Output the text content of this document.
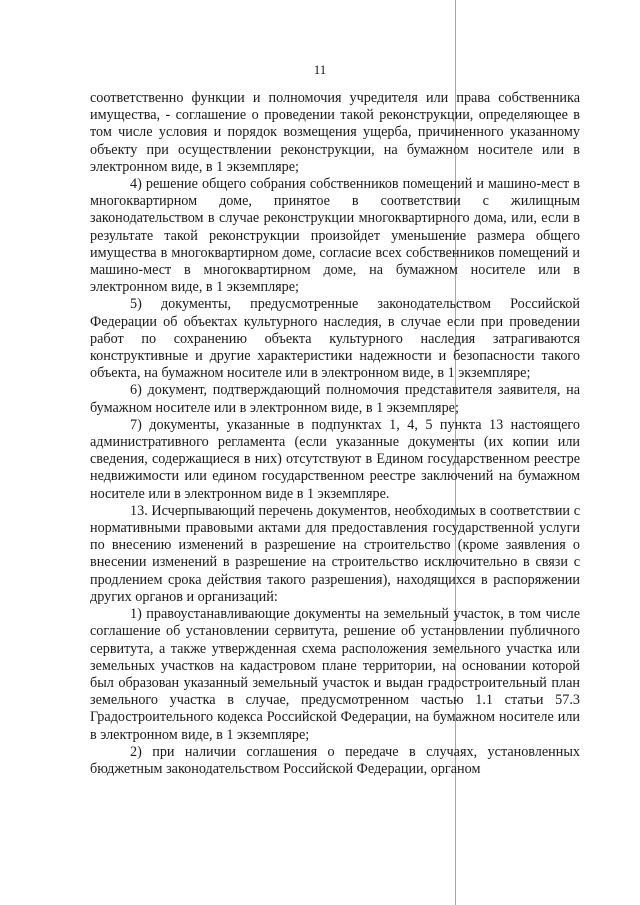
11

соответственно функции и полномочия учредителя или права собственника имущества, - соглашение о проведении такой реконструкции, определяющее в том числе условия и порядок возмещения ущерба, причиненного указанному объекту при осуществлении реконструкции, на бумажном носителе или в электронном виде, в 1 экземпляре;

4) решение общего собрания собственников помещений и машино-мест в многоквартирном доме, принятое в соответствии с жилищным законодательством в случае реконструкции многоквартирного дома, или, если в результате такой реконструкции произойдет уменьшение размера общего имущества в многоквартирном доме, согласие всех собственников помещений и машино-мест в многоквартирном доме, на бумажном носителе или в электронном виде, в 1 экземпляре;

5) документы, предусмотренные законодательством Российской Федерации об объектах культурного наследия, в случае если при проведении работ по сохранению объекта культурного наследия затрагиваются конструктивные и другие характеристики надежности и безопасности такого объекта, на бумажном носителе или в электронном виде, в 1 экземпляре;

6) документ, подтверждающий полномочия представителя заявителя, на бумажном носителе или в электронном виде, в 1 экземпляре;

7) документы, указанные в подпунктах 1, 4, 5 пункта 13 настоящего административного регламента (если указанные документы (их копии или сведения, содержащиеся в них) отсутствуют в Едином государственном реестре недвижимости или едином государственном реестре заключений на бумажном носителе или в электронном виде в 1 экземпляре.

13. Исчерпывающий перечень документов, необходимых в соответствии с нормативными правовыми актами для предоставления государственной услуги по внесению изменений в разрешение на строительство (кроме заявления о внесении изменений в разрешение на строительство исключительно в связи с продлением срока действия такого разрешения), находящихся в распоряжении других органов и организаций:

1) правоустанавливающие документы на земельный участок, в том числе соглашение об установлении сервитута, решение об установлении публичного сервитута, а также утвержденная схема расположения земельного участка или земельных участков на кадастровом плане территории, на основании которой был образован указанный земельный участок и выдан градостроительный план земельного участка в случае, предусмотренном частью 1.1 статьи 57.3 Градостроительного кодекса Российской Федерации, на бумажном носителе или в электронном виде, в 1 экземпляре;

2) при наличии соглашения о передаче в случаях, установленных бюджетным законодательством Российской Федерации, органом
